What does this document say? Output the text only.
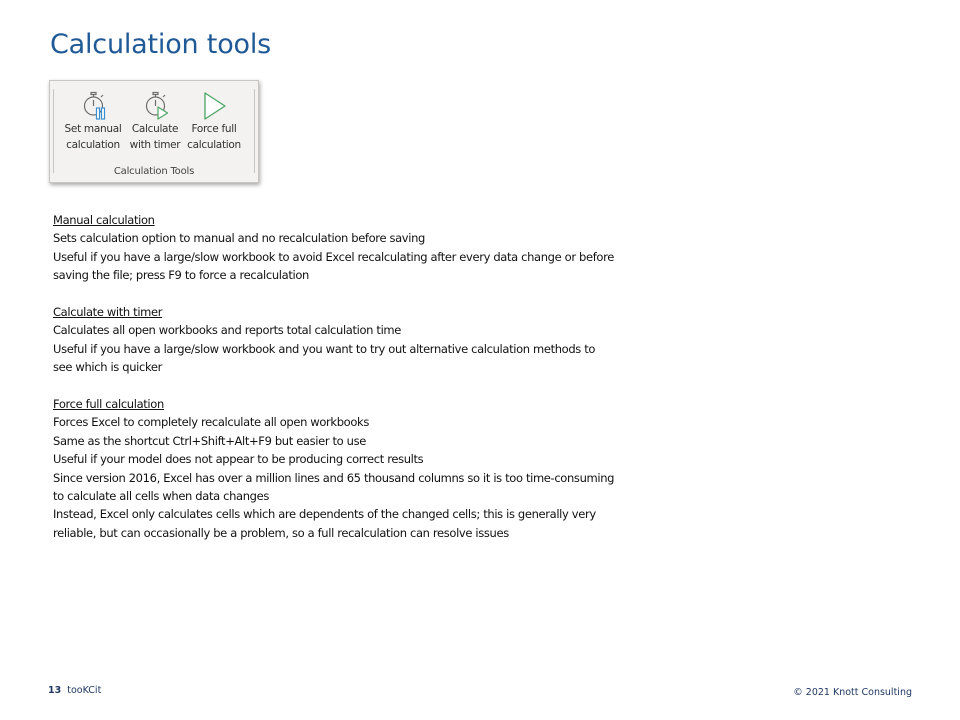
Calculation tools
Set manual
calculation
Calculate
with timer
Force full
calculation
Calculation Tools

Manual calculation

Sets calculation option to manual and no recalculation before saving

Useful if you have a large/slow workbook to avoid Excel recalculating after every data change or before

saving the file; press F9 to force a recalculation

Calculate with timer

Calculates all open workbooks and reports total calculation time

Useful if you have a large/slow workbook and you want to try out alternative calculation methods to

see which is quicker

Force full calculation

Forces Excel to completely recalculate all open workbooks

Same as the shortcut Ctrl+Shift+Alt+F9 but easier to use

Useful if your model does not appear to be producing correct results

Since version 2016, Excel has over a million lines and 65 thousand columns so it is too time-consuming

to calculate all cells when data changes

Instead, Excel only calculates cells which are dependents of the changed cells; this is generally very

reliable, but can occasionally be a problem, so a full recalculation can resolve issues

13 tooKCit	© 2021 Knott Consulting
